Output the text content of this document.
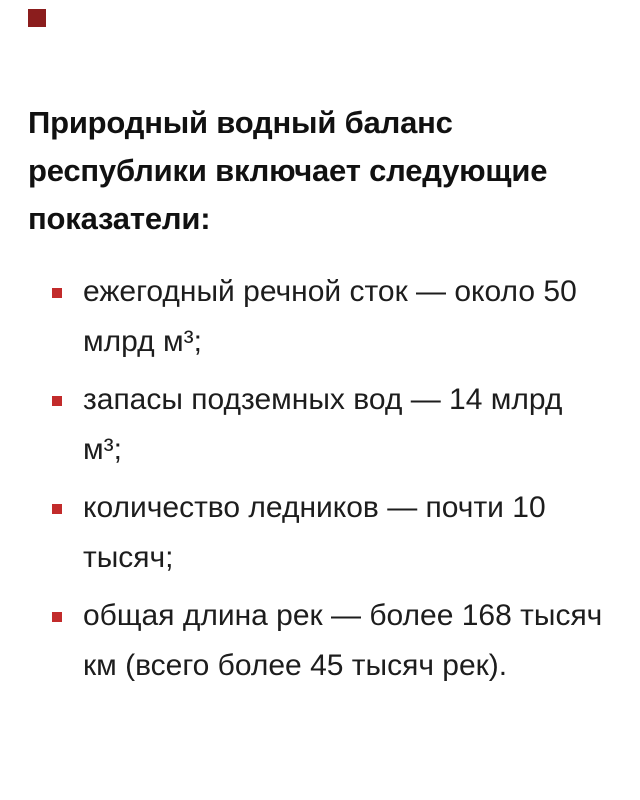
Природный водный баланс
республики включает следующие
показатели:
ежегодный речной сток — около 50
млрд м³;
запасы подземных вод — 14 млрд
м³;
количество ледников — почти 10
тысяч;
общая длина рек — более 168 тысяч
км (всего более 45 тысяч рек).
